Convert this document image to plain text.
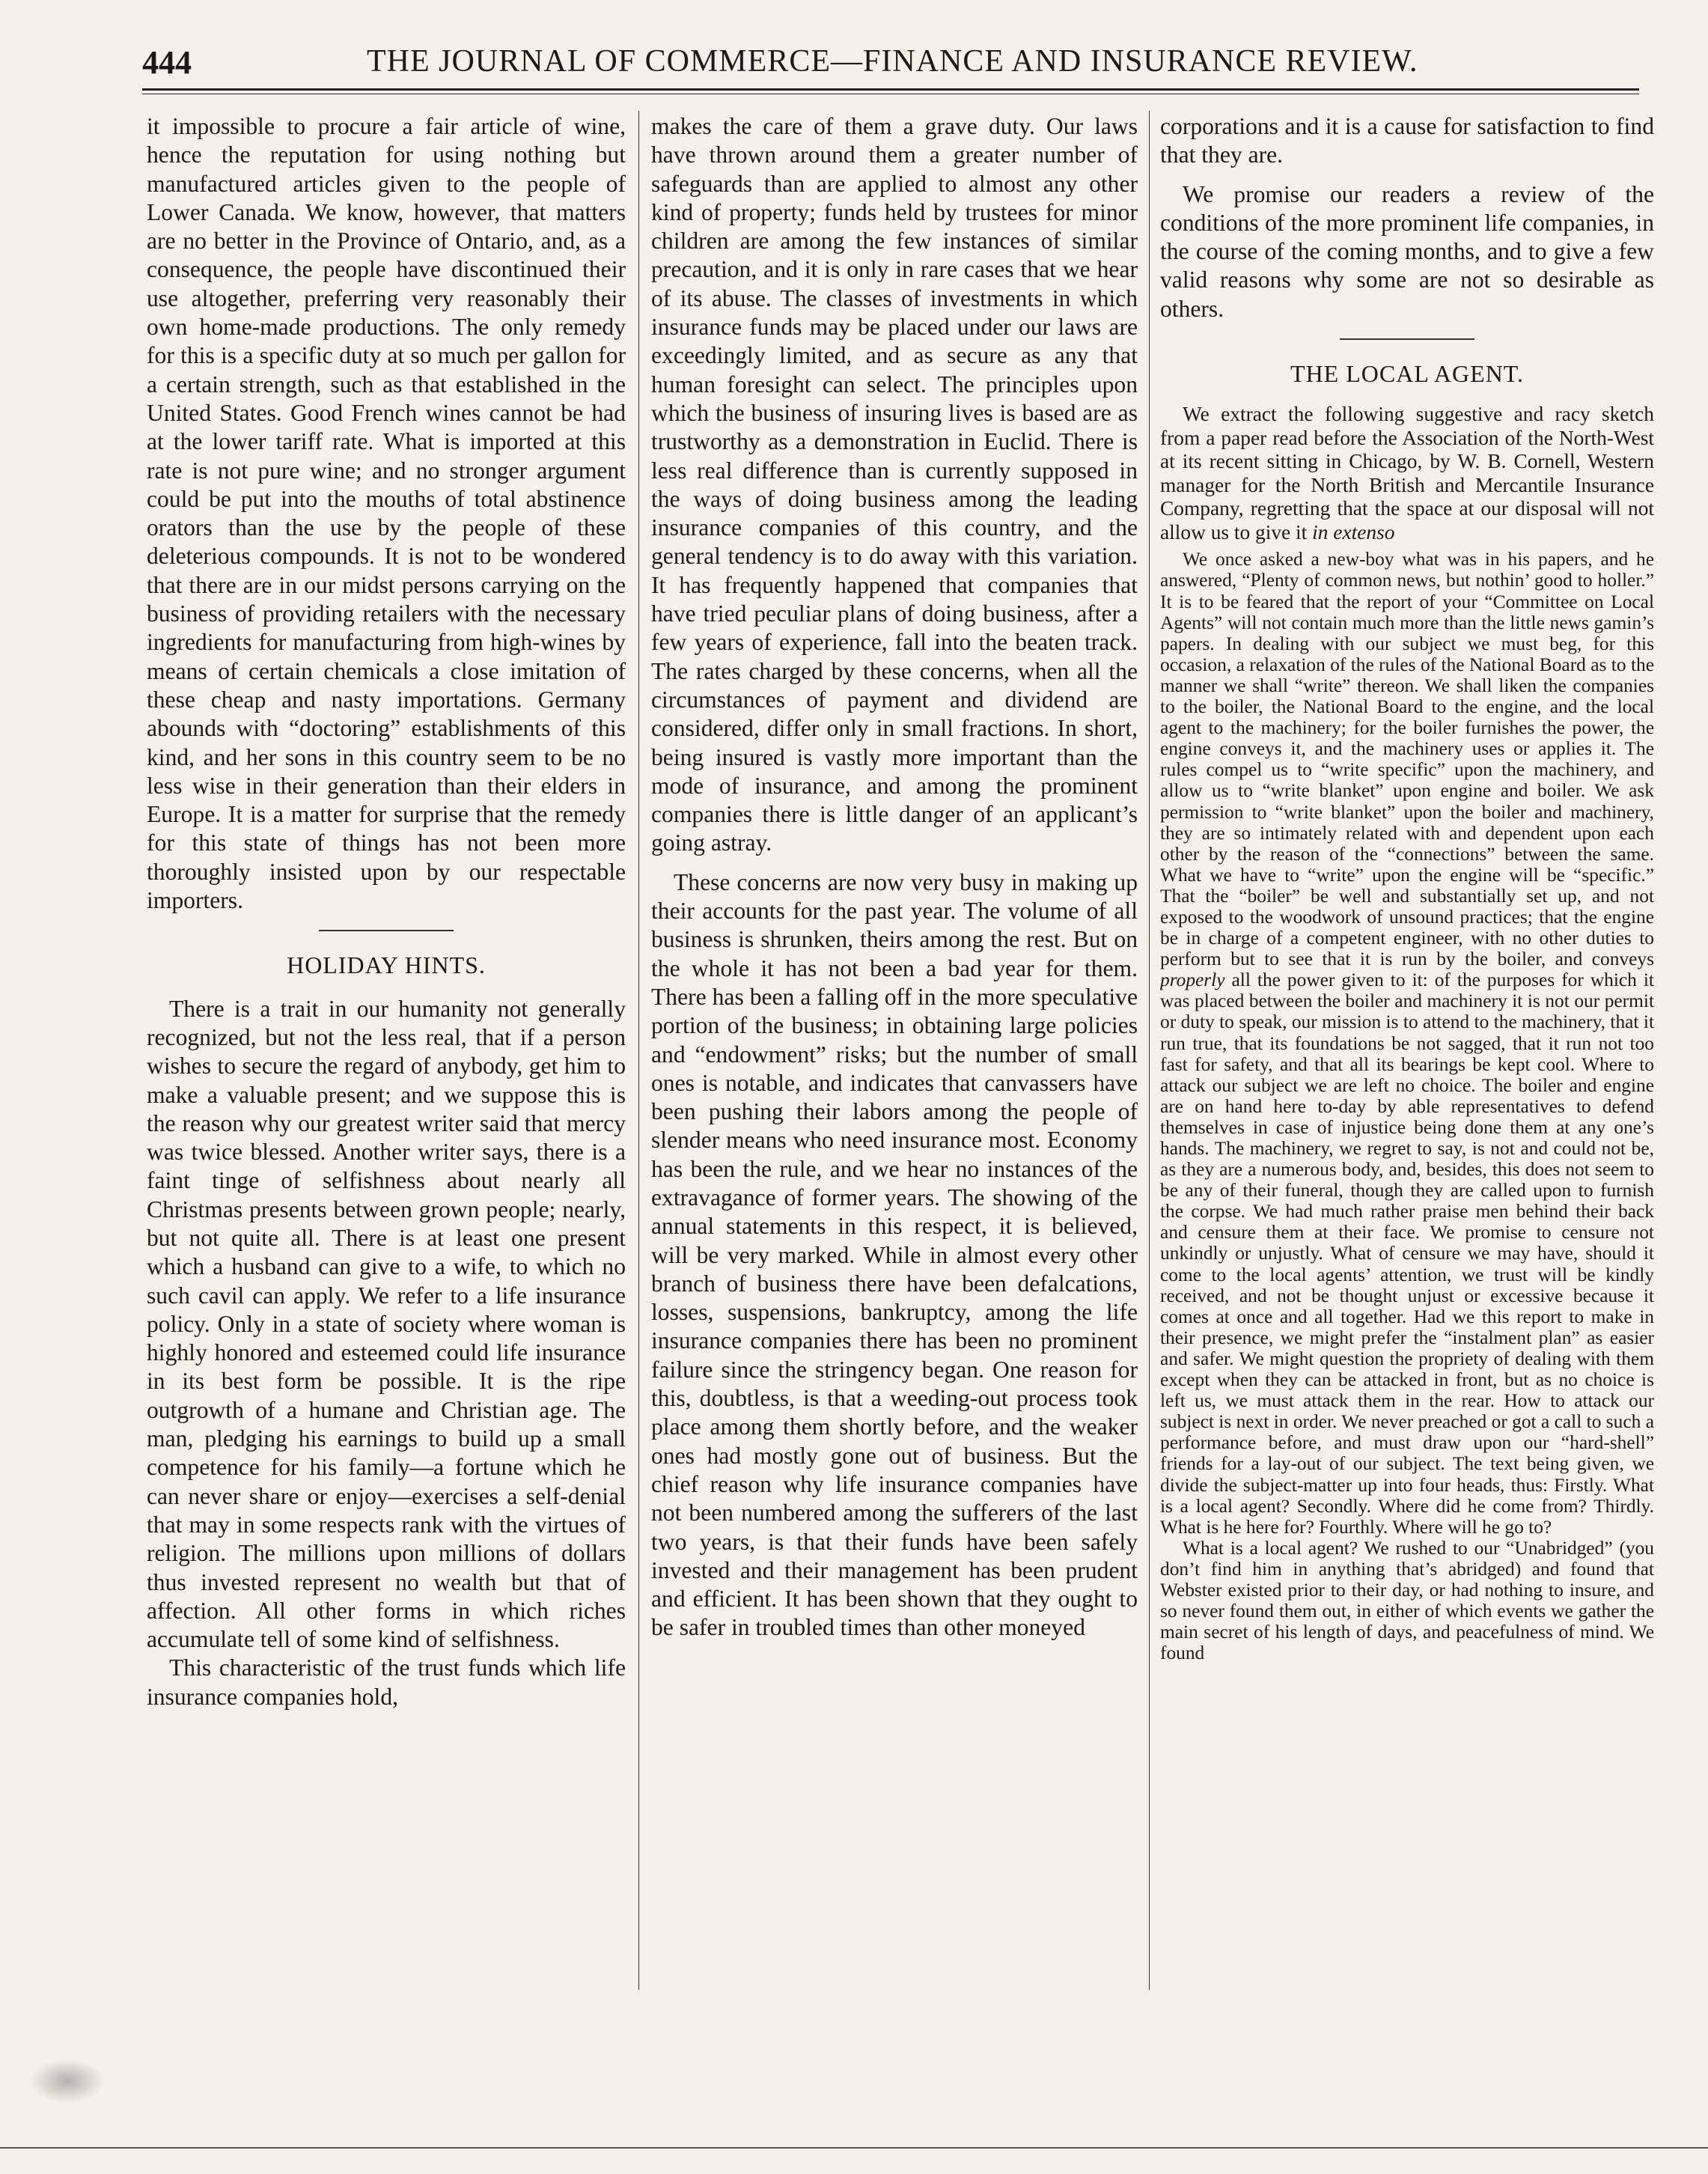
444	THE JOURNAL OF COMMERCE—FINANCE AND INSURANCE REVIEW.

it impossible to procure a fair article of wine, hence the reputation for using nothing but manufactured articles given to the people of Lower Canada. We know, however, that matters are no better in the Province of Ontario, and, as a consequence, the people have discontinued their use altogether, preferring very reasonably their own home-made productions. The only remedy for this is a specific duty at so much per gallon for a certain strength, such as that established in the United States. Good French wines cannot be had at the lower tariff rate. What is imported at this rate is not pure wine; and no stronger argument could be put into the mouths of total abstinence orators than the use by the people of these deleterious compounds. It is not to be wondered that there are in our midst persons carrying on the business of providing retailers with the necessary ingredients for manufacturing from high-wines by means of certain chemicals a close imitation of these cheap and nasty importations. Germany abounds with “doctoring” establishments of this kind, and her sons in this country seem to be no less wise in their generation than their elders in Europe. It is a matter for surprise that the remedy for this state of things has not been more thoroughly insisted upon by our respectable importers.

HOLIDAY HINTS.

There is a trait in our humanity not generally recognized, but not the less real, that if a person wishes to secure the regard of anybody, get him to make a valuable present; and we suppose this is the reason why our greatest writer said that mercy was twice blessed. Another writer says, there is a faint tinge of selfishness about nearly all Christmas presents between grown people; nearly, but not quite all. There is at least one present which a husband can give to a wife, to which no such cavil can apply. We refer to a life insurance policy. Only in a state of society where woman is highly honored and esteemed could life insurance in its best form be possible. It is the ripe outgrowth of a humane and Christian age. The man, pledging his earnings to build up a small competence for his family—a fortune which he can never share or enjoy—exercises a self-denial that may in some respects rank with the virtues of religion. The millions upon millions of dollars thus invested represent no wealth but that of affection. All other forms in which riches accumulate tell of some kind of selfishness.

This characteristic of the trust funds which life insurance companies hold,

makes the care of them a grave duty. Our laws have thrown around them a greater number of safeguards than are applied to almost any other kind of property; funds held by trustees for minor children are among the few instances of similar precaution, and it is only in rare cases that we hear of its abuse. The classes of investments in which insurance funds may be placed under our laws are exceedingly limited, and as secure as any that human foresight can select. The principles upon which the business of insuring lives is based are as trustworthy as a demonstration in Euclid. There is less real difference than is currently supposed in the ways of doing business among the leading insurance companies of this country, and the general tendency is to do away with this variation. It has frequently happened that companies that have tried peculiar plans of doing business, after a few years of experience, fall into the beaten track. The rates charged by these concerns, when all the circumstances of payment and dividend are considered, differ only in small fractions. In short, being insured is vastly more important than the mode of insurance, and among the prominent companies there is little danger of an applicant’s going astray.

These concerns are now very busy in making up their accounts for the past year. The volume of all business is shrunken, theirs among the rest. But on the whole it has not been a bad year for them. There has been a falling off in the more speculative portion of the business; in obtaining large policies and “endowment” risks; but the number of small ones is notable, and indicates that canvassers have been pushing their labors among the people of slender means who need insurance most. Economy has been the rule, and we hear no instances of the extravagance of former years. The showing of the annual statements in this respect, it is believed, will be very marked. While in almost every other branch of business there have been defalcations, losses, suspensions, bankruptcy, among the life insurance companies there has been no prominent failure since the stringency began. One reason for this, doubtless, is that a weeding-out process took place among them shortly before, and the weaker ones had mostly gone out of business. But the chief reason why life insurance companies have not been numbered among the sufferers of the last two years, is that their funds have been safely invested and their management has been prudent and efficient. It has been shown that they ought to be safer in troubled times than other moneyed

corporations and it is a cause for satisfaction to find that they are.

We promise our readers a review of the conditions of the more prominent life companies, in the course of the coming months, and to give a few valid reasons why some are not so desirable as others.

THE LOCAL AGENT.

We extract the following suggestive and racy sketch from a paper read before the Association of the North-West at its recent sitting in Chicago, by W. B. Cornell, Western manager for the North British and Mercantile Insurance Company, regretting that the space at our disposal will not allow us to give it in extenso

We once asked a new-boy what was in his papers, and he answered, “Plenty of common news, but nothin’ good to holler.” It is to be feared that the report of your “Committee on Local Agents” will not contain much more than the little news gamin’s papers. In dealing with our subject we must beg, for this occasion, a relaxation of the rules of the National Board as to the manner we shall “write” thereon. We shall liken the companies to the boiler, the National Board to the engine, and the local agent to the machinery; for the boiler furnishes the power, the engine conveys it, and the machinery uses or applies it. The rules compel us to “write specific” upon the machinery, and allow us to “write blanket” upon engine and boiler. We ask permission to “write blanket” upon the boiler and machinery, they are so intimately related with and dependent upon each other by the reason of the “connections” between the same. What we have to “write” upon the engine will be “specific.” That the “boiler” be well and substantially set up, and not exposed to the woodwork of unsound practices; that the engine be in charge of a competent engineer, with no other duties to perform but to see that it is run by the boiler, and conveys properly all the power given to it: of the purposes for which it was placed between the boiler and machinery it is not our permit or duty to speak, our mission is to attend to the machinery, that it run true, that its foundations be not sagged, that it run not too fast for safety, and that all its bearings be kept cool. Where to attack our subject we are left no choice. The boiler and engine are on hand here to-day by able representatives to defend themselves in case of injustice being done them at any one’s hands. The machinery, we regret to say, is not and could not be, as they are a numerous body, and, besides, this does not seem to be any of their funeral, though they are called upon to furnish the corpse. We had much rather praise men behind their back and censure them at their face. We promise to censure not unkindly or unjustly. What of censure we may have, should it come to the local agents’ attention, we trust will be kindly received, and not be thought unjust or excessive because it comes at once and all together. Had we this report to make in their presence, we might prefer the “instalment plan” as easier and safer. We might question the propriety of dealing with them except when they can be attacked in front, but as no choice is left us, we must attack them in the rear. How to attack our subject is next in order. We never preached or got a call to such a performance before, and must draw upon our “hard-shell” friends for a lay-out of our subject. The text being given, we divide the subject-matter up into four heads, thus: Firstly. What is a local agent? Secondly. Where did he come from? Thirdly. What is he here for? Fourthly. Where will he go to?

What is a local agent? We rushed to our “Unabridged” (you don’t find him in anything that’s abridged) and found that Webster existed prior to their day, or had nothing to insure, and so never found them out, in either of which events we gather the main secret of his length of days, and peacefulness of mind. We found
